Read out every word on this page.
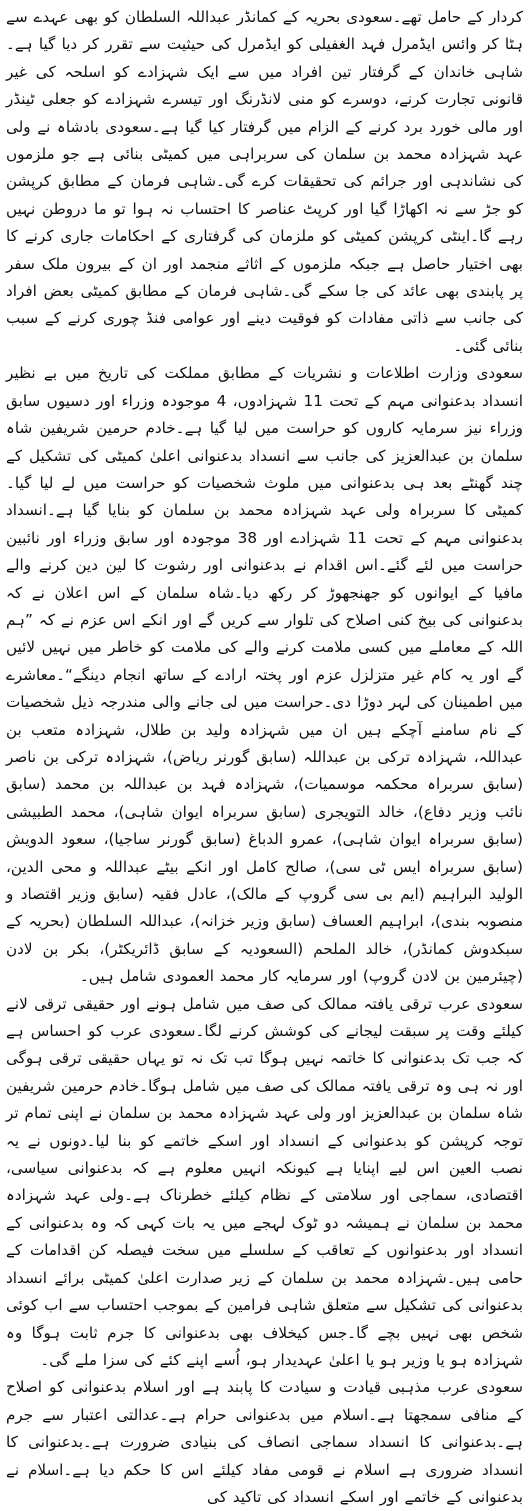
کردار کے حامل تھے۔سعودی بحریہ کے کمانڈر عبداللہ السلطان کو بھی عہدے سے ہٹا کر وائس ایڈمرل فہد الغفیلی کو ایڈمرل کی حیثیت سے تقرر کر دیا گیا ہے۔شاہی خاندان کے گرفتار تین افراد میں سے ایک شہزادے کو اسلحہ کی غیر قانونی تجارت کرنے، دوسرے کو منی لانڈرنگ اور تیسرے شہزادے کو جعلی ٹینڈر اور مالی خورد برد کرنے کے الزام میں گرفتار کیا گیا ہے۔سعودی بادشاہ نے ولی عہد شہزادہ محمد بن سلمان کی سربراہی میں کمیٹی بنائی ہے جو ملزموں کی نشاندہی اور جرائم کی تحقیقات کرے گی۔شاہی فرمان کے مطابق کرپشن کو جڑ سے نہ اکھاڑا گیا اور کرپٹ عناصر کا احتساب نہ ہوا تو ما دروطن نہیں رہے گا۔اینٹی کرپشن کمیٹی کو ملزمان کی گرفتاری کے احکامات جاری کرنے کا بھی اختیار حاصل ہے جبکہ ملزموں کے اثاثے منجمد اور ان کے بیرون ملک سفر پر پابندی بھی عائد کی جا سکے گی۔شاہی فرمان کے مطابق کمیٹی بعض افراد کی جانب سے ذاتی مفادات کو فوقیت دینے اور عوامی فنڈ چوری کرنے کے سبب بنائی گئی۔
سعودی وزارت اطلاعات و نشریات کے مطابق مملکت کی تاریخ میں بے نظیر انسداد بدعنوانی مہم کے تحت 11 شہزادوں، 4 موجودہ وزراء اور دسیوں سابق وزراء نیز سرمایہ کاروں کو حراست میں لیا گیا ہے۔خادم حرمین شریفین شاہ سلمان بن عبدالعزیز کی جانب سے انسداد بدعنوانی اعلیٰ کمیٹی کی تشکیل کے چند گھنٹے بعد ہی بدعنوانی میں ملوث شخصیات کو حراست میں لے لیا گیا۔کمیٹی کا سربراہ ولی عہد شہزادہ محمد بن سلمان کو بنایا گیا ہے۔انسداد بدعنوانی مہم کے تحت 11 شہزادے اور 38 موجودہ اور سابق وزراء اور نائبین حراست میں لئے گئے۔اس اقدام نے بدعنوانی اور رشوت کا لین دین کرنے والے مافیا کے ایوانوں کو جھنجھوڑ کر رکھ دیا۔شاہ سلمان کے اس اعلان نے کہ بدعنوانی کی بیخ کنی اصلاح کی تلوار سے کریں گے اور انکے اس عزم نے کہ ”ہم اللہ کے معاملے میں کسی ملامت کرنے والے کی ملامت کو خاطر میں نہیں لائیں گے اور یہ کام غیر متزلزل عزم اور پختہ ارادے کے ساتھ انجام دینگے“۔معاشرے میں اطمینان کی لہر دوڑا دی۔حراست میں لی جانے والی مندرجہ ذیل شخصیات کے نام سامنے آچکے ہیں ان میں شہزادہ ولید بن طلال، شہزادہ متعب بن عبداللہ، شہزادہ ترکی بن عبداللہ (سابق گورنر ریاض)، شہزادہ ترکی بن ناصر (سابق سربراہ محکمہ موسمیات)، شہزادہ فہد بن عبداللہ بن محمد (سابق نائب وزیر دفاع)، خالد التویجری (سابق سربراہ ایوان شاہی)، محمد الطبیشی (سابق سربراہ ایوان شاہی)، عمرو الدباغ (سابق گورنر ساجیا)، سعود الدویش (سابق سربراہ ایس ٹی سی)، صالح کامل اور انکے بیٹے عبداللہ و محی الدین، الولید البراہیم (ایم بی سی گروپ کے مالک)، عادل فقیہ (سابق وزیر اقتصاد و منصوبہ بندی)، ابراہیم العساف (سابق وزیر خزانہ)، عبداللہ السلطان (بحریہ کے سبکدوش کمانڈر)، خالد الملحم (السعودیہ کے سابق ڈائریکٹر)، بکر بن لادن (چیئرمین بن لادن گروپ) اور سرمایہ کار محمد العمودی شامل ہیں۔
سعودی عرب ترقی یافتہ ممالک کی صف میں شامل ہونے اور حقیقی ترقی لانے کیلئے وقت پر سبقت لیجانے کی کوشش کرنے لگا۔سعودی عرب کو احساس ہے کہ جب تک بدعنوانی کا خاتمہ نہیں ہوگا تب تک نہ تو یہاں حقیقی ترقی ہوگی اور نہ ہی وہ ترقی یافتہ ممالک کی صف میں شامل ہوگا۔خادم حرمین شریفین شاہ سلمان بن عبدالعزیز اور ولی عہد شہزادہ محمد بن سلمان نے اپنی تمام تر توجہ کرپشن کو بدعنوانی کے انسداد اور اسکے خاتمے کو بنا لیا۔دونوں نے یہ نصب العین اس لیے اپنایا ہے کیونکہ انہیں معلوم ہے کہ بدعنوانی سیاسی، اقتصادی، سماجی اور سلامتی کے نظام کیلئے خطرناک ہے۔ولی عہد شہزادہ محمد بن سلمان نے ہمیشہ دو ٹوک لہجے میں یہ بات کہی کہ وہ بدعنوانی کے انسداد اور بدعنوانوں کے تعاقب کے سلسلے میں سخت فیصلہ کن اقدامات کے حامی ہیں۔شہزادہ محمد بن سلمان کے زیر صدارت اعلیٰ کمیٹی برائے انسداد بدعنوانی کی تشکیل سے متعلق شاہی فرامین کے بموجب احتساب سے اب کوئی شخص بھی نہیں بچے گا۔جس کیخلاف بھی بدعنوانی کا جرم ثابت ہوگا وہ شہزادہ ہو یا وزیر ہو یا اعلیٰ عہدیدار ہو، اُسے اپنے کئے کی سزا ملے گی۔
سعودی عرب مذہبی قیادت و سیادت کا پابند ہے اور اسلام بدعنوانی کو اصلاح کے منافی سمجھتا ہے۔اسلام میں بدعنوانی حرام ہے۔عدالتی اعتبار سے جرم ہے۔بدعنوانی کا انسداد سماجی انصاف کی بنیادی ضرورت ہے۔بدعنوانی کا انسداد ضروری ہے اسلام نے قومی مفاد کیلئے اس کا حکم دیا ہے۔اسلام نے بدعنوانی کے خاتمے اور اسکے انسداد کی تاکید کی
